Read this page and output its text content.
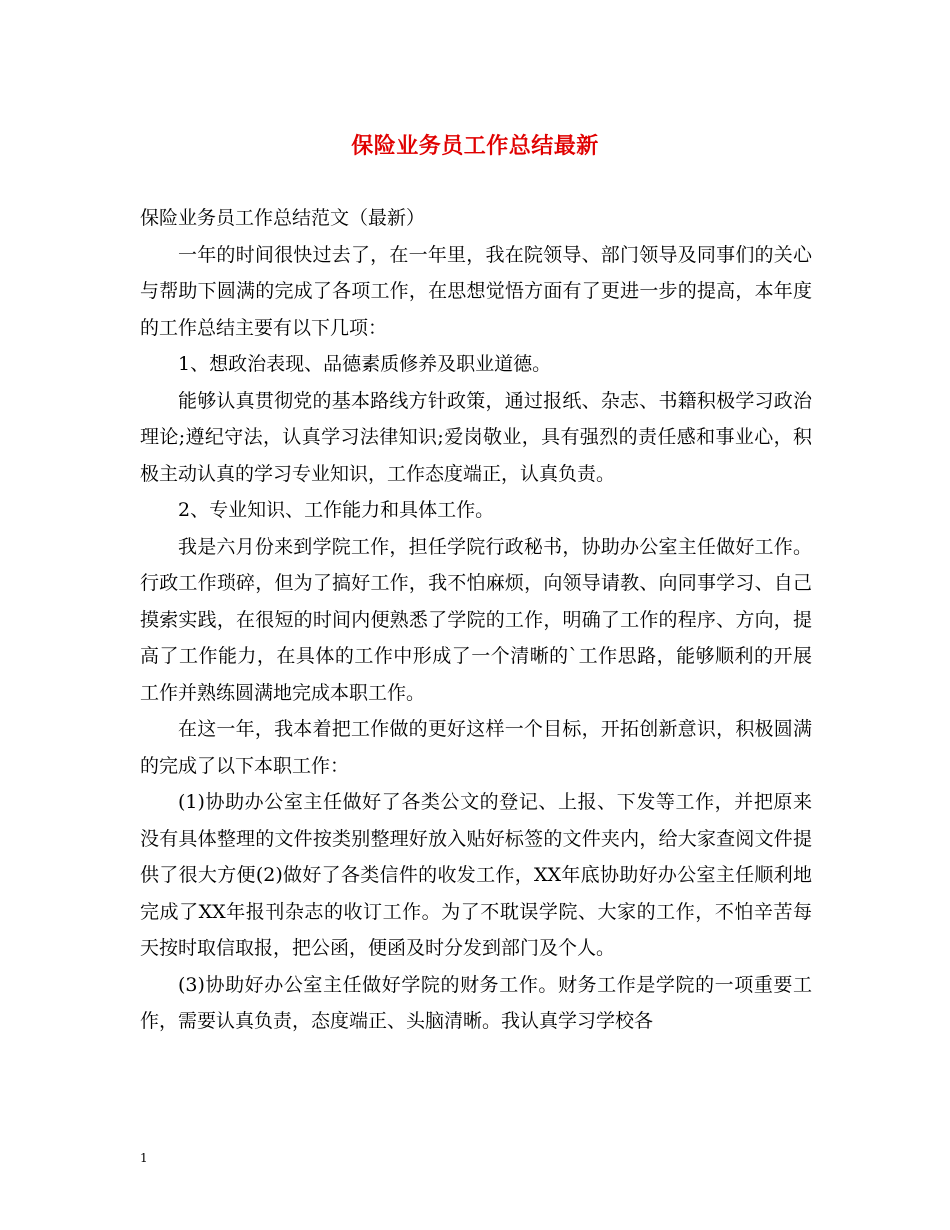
保险业务员工作总结最新

保险业务员工作总结范文（最新）

一年的时间很快过去了，在一年里，我在院领导、部门领导及同事们的关心与帮助下圆满的完成了各项工作，在思想觉悟方面有了更进一步的提高，本年度的工作总结主要有以下几项：

1、想政治表现、品德素质修养及职业道德。

能够认真贯彻党的基本路线方针政策，通过报纸、杂志、书籍积极学习政治理论;遵纪守法，认真学习法律知识;爱岗敬业，具有强烈的责任感和事业心，积极主动认真的学习专业知识，工作态度端正，认真负责。

2、专业知识、工作能力和具体工作。

我是六月份来到学院工作，担任学院行政秘书，协助办公室主任做好工作。行政工作琐碎，但为了搞好工作，我不怕麻烦，向领导请教、向同事学习、自己摸索实践，在很短的时间内便熟悉了学院的工作，明确了工作的程序、方向，提高了工作能力，在具体的工作中形成了一个清晰的`工作思路，能够顺利的开展工作并熟练圆满地完成本职工作。

在这一年，我本着把工作做的更好这样一个目标，开拓创新意识，积极圆满的完成了以下本职工作：

(1)协助办公室主任做好了各类公文的登记、上报、下发等工作，并把原来没有具体整理的文件按类别整理好放入贴好标签的文件夹内，给大家查阅文件提供了很大方便(2)做好了各类信件的收发工作，XX年底协助好办公室主任顺利地完成了XX年报刊杂志的收订工作。为了不耽误学院、大家的工作，不怕辛苦每天按时取信取报，把公函，便函及时分发到部门及个人。

(3)协助好办公室主任做好学院的财务工作。财务工作是学院的一项重要工作，需要认真负责，态度端正、头脑清晰。我认真学习学校各

1
